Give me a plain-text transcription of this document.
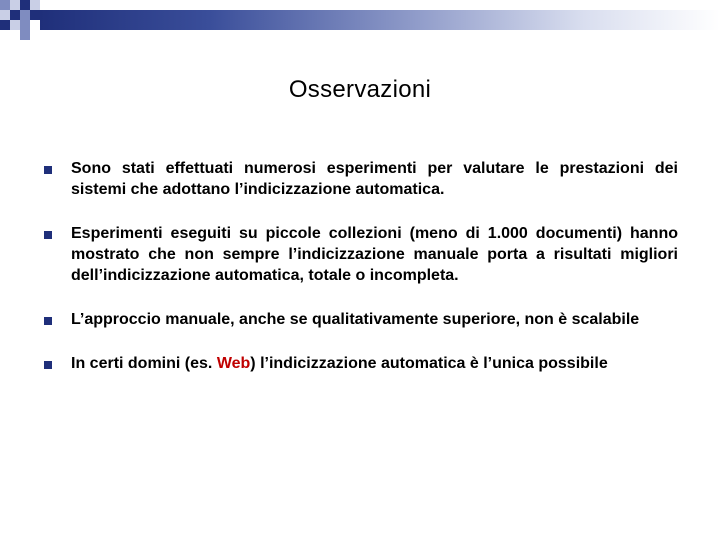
Osservazioni
Sono stati effettuati numerosi esperimenti per valutare le prestazioni dei sistemi che adottano l’indicizzazione automatica.
Esperimenti eseguiti su piccole collezioni (meno di 1.000 documenti) hanno mostrato che non sempre l’indicizzazione manuale porta a risultati migliori dell’indicizzazione automatica, totale o incompleta.
L’approccio manuale, anche se qualitativamente superiore, non è scalabile
In certi domini (es. Web) l’indicizzazione automatica è l’unica possibile
